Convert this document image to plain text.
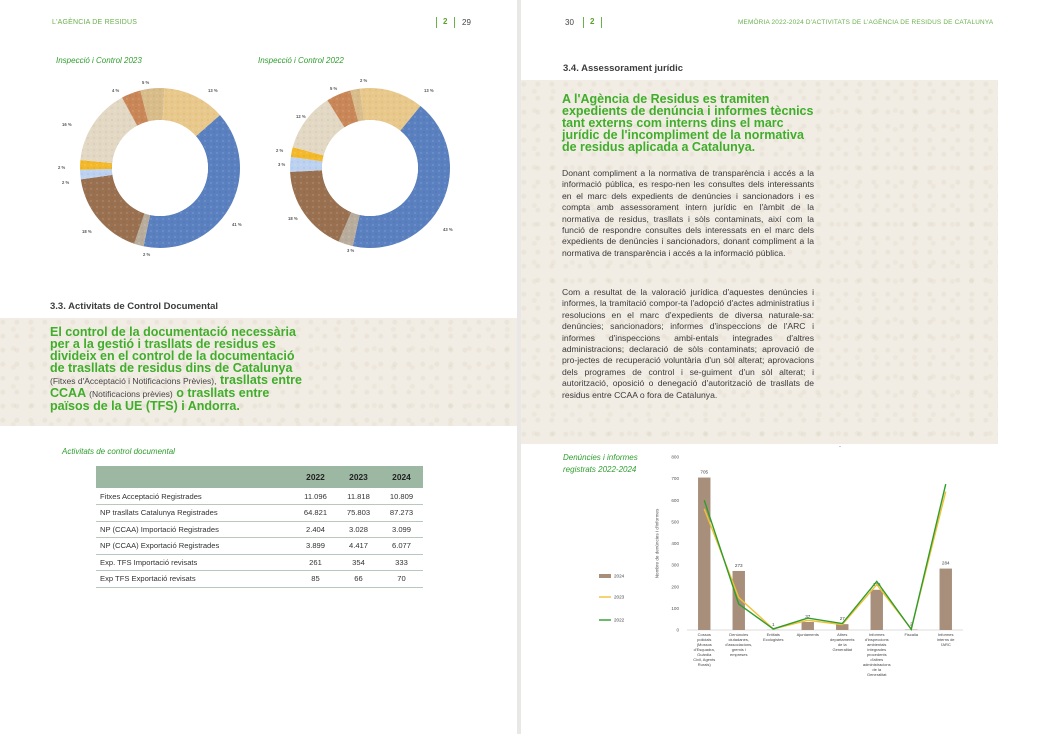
L'AGÈNCIA DE RESIDUS	2 29
Inspecció i Control 2023	Inspecció i Control 2022
4 %
5 %
13 %
16 %
2 %
2 %
18 %
2 %
41 %
5 %
2 %
13 %
12 %
2 %
3 %
18 %
3 %
43 %
3.3. Activitats de Control Documental
El control de la documentació necessària per a la gestió i trasllats de residus es divideix en el control de la documentació de trasllats de residus dins de Catalunya (Fitxes d'Acceptació i Notificacions Prèvies), trasllats entre CCAA (Notificacions prèvies) o trasllats entre països de la UE (TFS) i Andorra.
Activitats de control documental
	2022	2023	2024
Fitxes Acceptació Registrades	11.096	11.818	10.809
NP trasllats Catalunya Registrades	64.821	75.803	87.273
NP (CCAA) Importació Registrades	2.404	3.028	3.099
NP (CCAA) Exportació Registrades	3.899	4.417	6.077
Exp. TFS Importació revisats	261	354	333
Exp TFS Exportació revisats	85	66	70
30 2	MEMÒRIA 2022-2024 D'ACTIVITATS DE L'AGÈNCIA DE RESIDUS DE CATALUNYA
3.4. Assessorament jurídic
A l'Agència de Residus es tramiten expedients de denúncia i informes tècnics tant externs com interns dins el marc jurídic de l'incompliment de la normativa de residus aplicada a Catalunya.
Donant compliment a la normativa de transparència i accés a la informació pública, es respo-nen les consultes dels interessants en el marc dels expedients de denúncies i sancionadors i es compta amb assessorament intern jurídic en l'àmbit de la normativa de residus, trasllats i sòls contaminats, així com la funció de respondre consultes dels interessats en el marc dels expedients de denúncies i sancionadors, donant compliment a la normativa de transparència i accés a la informació pública.
Com a resultat de la valoració jurídica d'aquestes denúncies i informes, la tramitació compor-ta l'adopció d'actes administratius i resolucions en el marc d'expedients de diversa naturale-sa: denúncies; sancionadors; informes d'inspeccions de l'ARC i informes d'inspeccions ambi-entals integrades d'altres administracions; declaració de sòls contaminats; aprovació de pro-jectes de recuperació voluntària d'un sòl alterat; aprovacions dels programes de control i se-guiment d'un sòl alterat; i autorització, oposició o denegació d'autorització de trasllats de residus entre CCAA o fora de Catalunya.
Denúncies i informes registrats 2022-2024
-
0
100
200
300
400
500
600
700
800
705
273
1
37	27
186
2
284
Cossos policials (Mossos d'Esquadra, Guàrdia Civil, Agents Rurals)
Denúncies ciutadanes, d'associacions, gremis i empreses
Entitats Ecologistes
Ajuntaments	Altres departaments de la Generalitat
Informes d'inspeccions ambientals integrades procedents d'altres administracions de la Generalitat
Fiscalia	Informes interns de l'ARC
2024
2023
2022
Nombre de denúncies i d'informes
